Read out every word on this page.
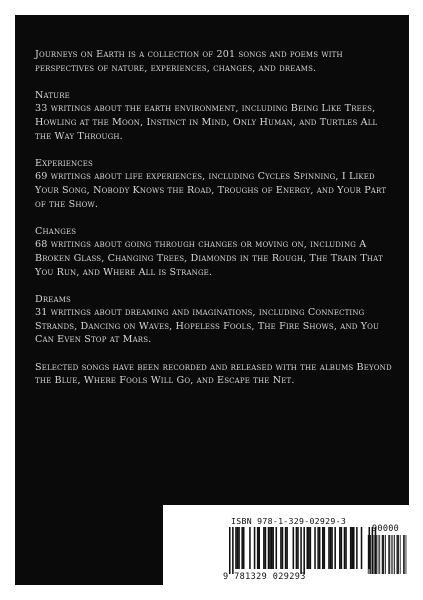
Journeys on Earth is a collection of 201 songs and poems with perspectives of nature, experiences, changes, and dreams.

Nature
33 writings about the earth environment, including Being Like Trees, Howling at the Moon, Instinct in Mind, Only Human, and Turtles All the Way Through.

Experiences
69 writings about life experiences, including Cycles Spinning, I Liked Your Song, Nobody Knows the Road, Troughs of Energy, and Your Part of the Show.

Changes
68 writings about going through changes or moving on, including A Broken Glass, Changing Trees, Diamonds in the Rough, The Train That You Run, and Where All is Strange.

Dreams
31 writings about dreaming and imaginations, including Connecting Strands, Dancing on Waves, Hopeless Fools, The Fire Shows, and You Can Even Stop at Mars.

Selected songs have been recorded and released with the albums Beyond the Blue, Where Fools Will Go, and Escape the Net.

ISBN 978-1-329-02929-3
90000
9 781329 029293
